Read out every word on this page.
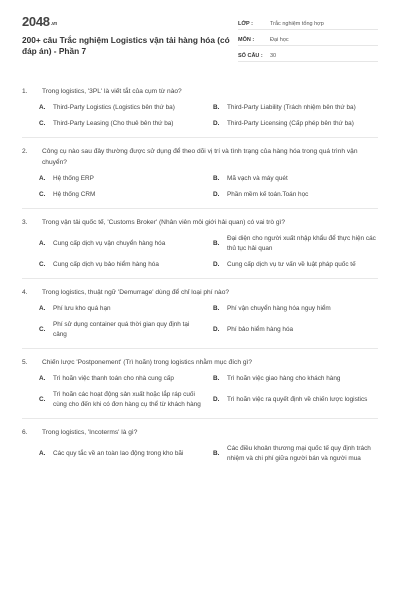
$2048^{.vn}$
200+ câu Trắc nghiệm Logistics vận tải hàng hóa (có đáp án) - Phần 7
LỚP :	Trắc nghiệm tổng hợp
MÔN :	Đại học
SỐ CÂU :	30
1.	Trong logistics, '3PL' là viết tắt của cụm từ nào?
A.	Third-Party Logistics (Logistics bên thứ ba)	B.	Third-Party Liability (Trách nhiệm bên thứ ba)
C.	Third-Party Leasing (Cho thuê bên thứ ba)	D.	Third-Party Licensing (Cấp phép bên thứ ba)
2.	Công cụ nào sau đây thường được sử dụng để theo dõi vị trí và tình trạng của hàng hóa trong quá trình vận chuyển?
A.	Hệ thống ERP	B.	Mã vạch và máy quét
C.	Hệ thống CRM	D.	Phần mềm kế toán.Toán học
3.	Trong vận tải quốc tế, 'Customs Broker' (Nhân viên môi giới hải quan) có vai trò gì?
A.	Cung cấp dịch vụ vận chuyển hàng hóa	B.
Đại diện cho người xuất nhập khẩu để thực hiện các thủ tục hải quan
C.	Cung cấp dịch vụ bảo hiểm hàng hóa	D.	Cung cấp dịch vụ tư vấn về luật pháp quốc tế
4.	Trong logistics, thuật ngữ 'Demurrage' dùng để chỉ loại phí nào?
A.	Phí lưu kho quá hạn	B.	Phí vận chuyển hàng hóa nguy hiểm
C.
Phí sử dụng container quá thời gian quy định tại cảng
D.	Phí bảo hiểm hàng hóa
5.	Chiến lược 'Postponement' (Trì hoãn) trong logistics nhằm mục đích gì?
A.	Trì hoãn việc thanh toán cho nhà cung cấp	B.	Trì hoãn việc giao hàng cho khách hàng
C.
Trì hoãn các hoạt động sản xuất hoặc lắp ráp cuối cùng cho đến khi có đơn hàng cụ thể từ khách hàng
D.	Trì hoãn việc ra quyết định về chiến lược logistics
6.	Trong logistics, 'Incoterms' là gì?
A.	Các quy tắc về an toàn lao động trong kho bãi	B.
Các điều khoản thương mại quốc tế quy định trách nhiệm và chi phí giữa người bán và người mua
